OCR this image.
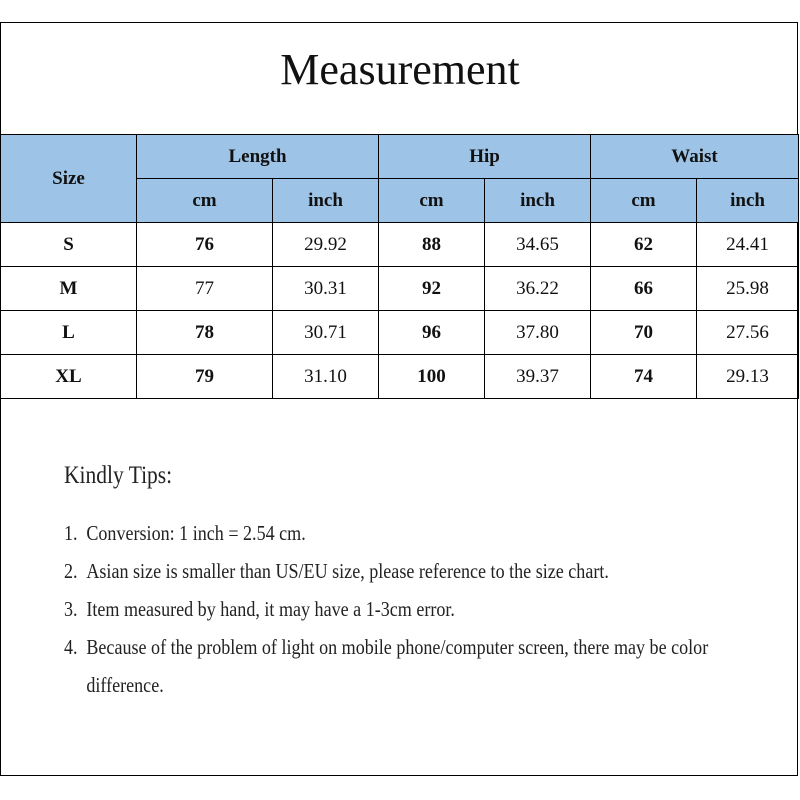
Measurement
Size	Length		Hip		Waist	
	cm	inch	cm	inch	cm	inch
S	76	29.92	88	34.65	62	24.41
M	77	30.31	92	36.22	66	25.98
L	78	30.71	96	37.80	70	27.56
XL	79	31.10	100	39.37	74	29.13
Kindly Tips:
1. Conversion: 1 inch = 2.54 cm.
2. Asian size is smaller than US/EU size, please reference to the size chart.
3. Item measured by hand, it may have a 1-3cm error.
4. Because of the problem of light on mobile phone/computer screen, there may be color difference.
